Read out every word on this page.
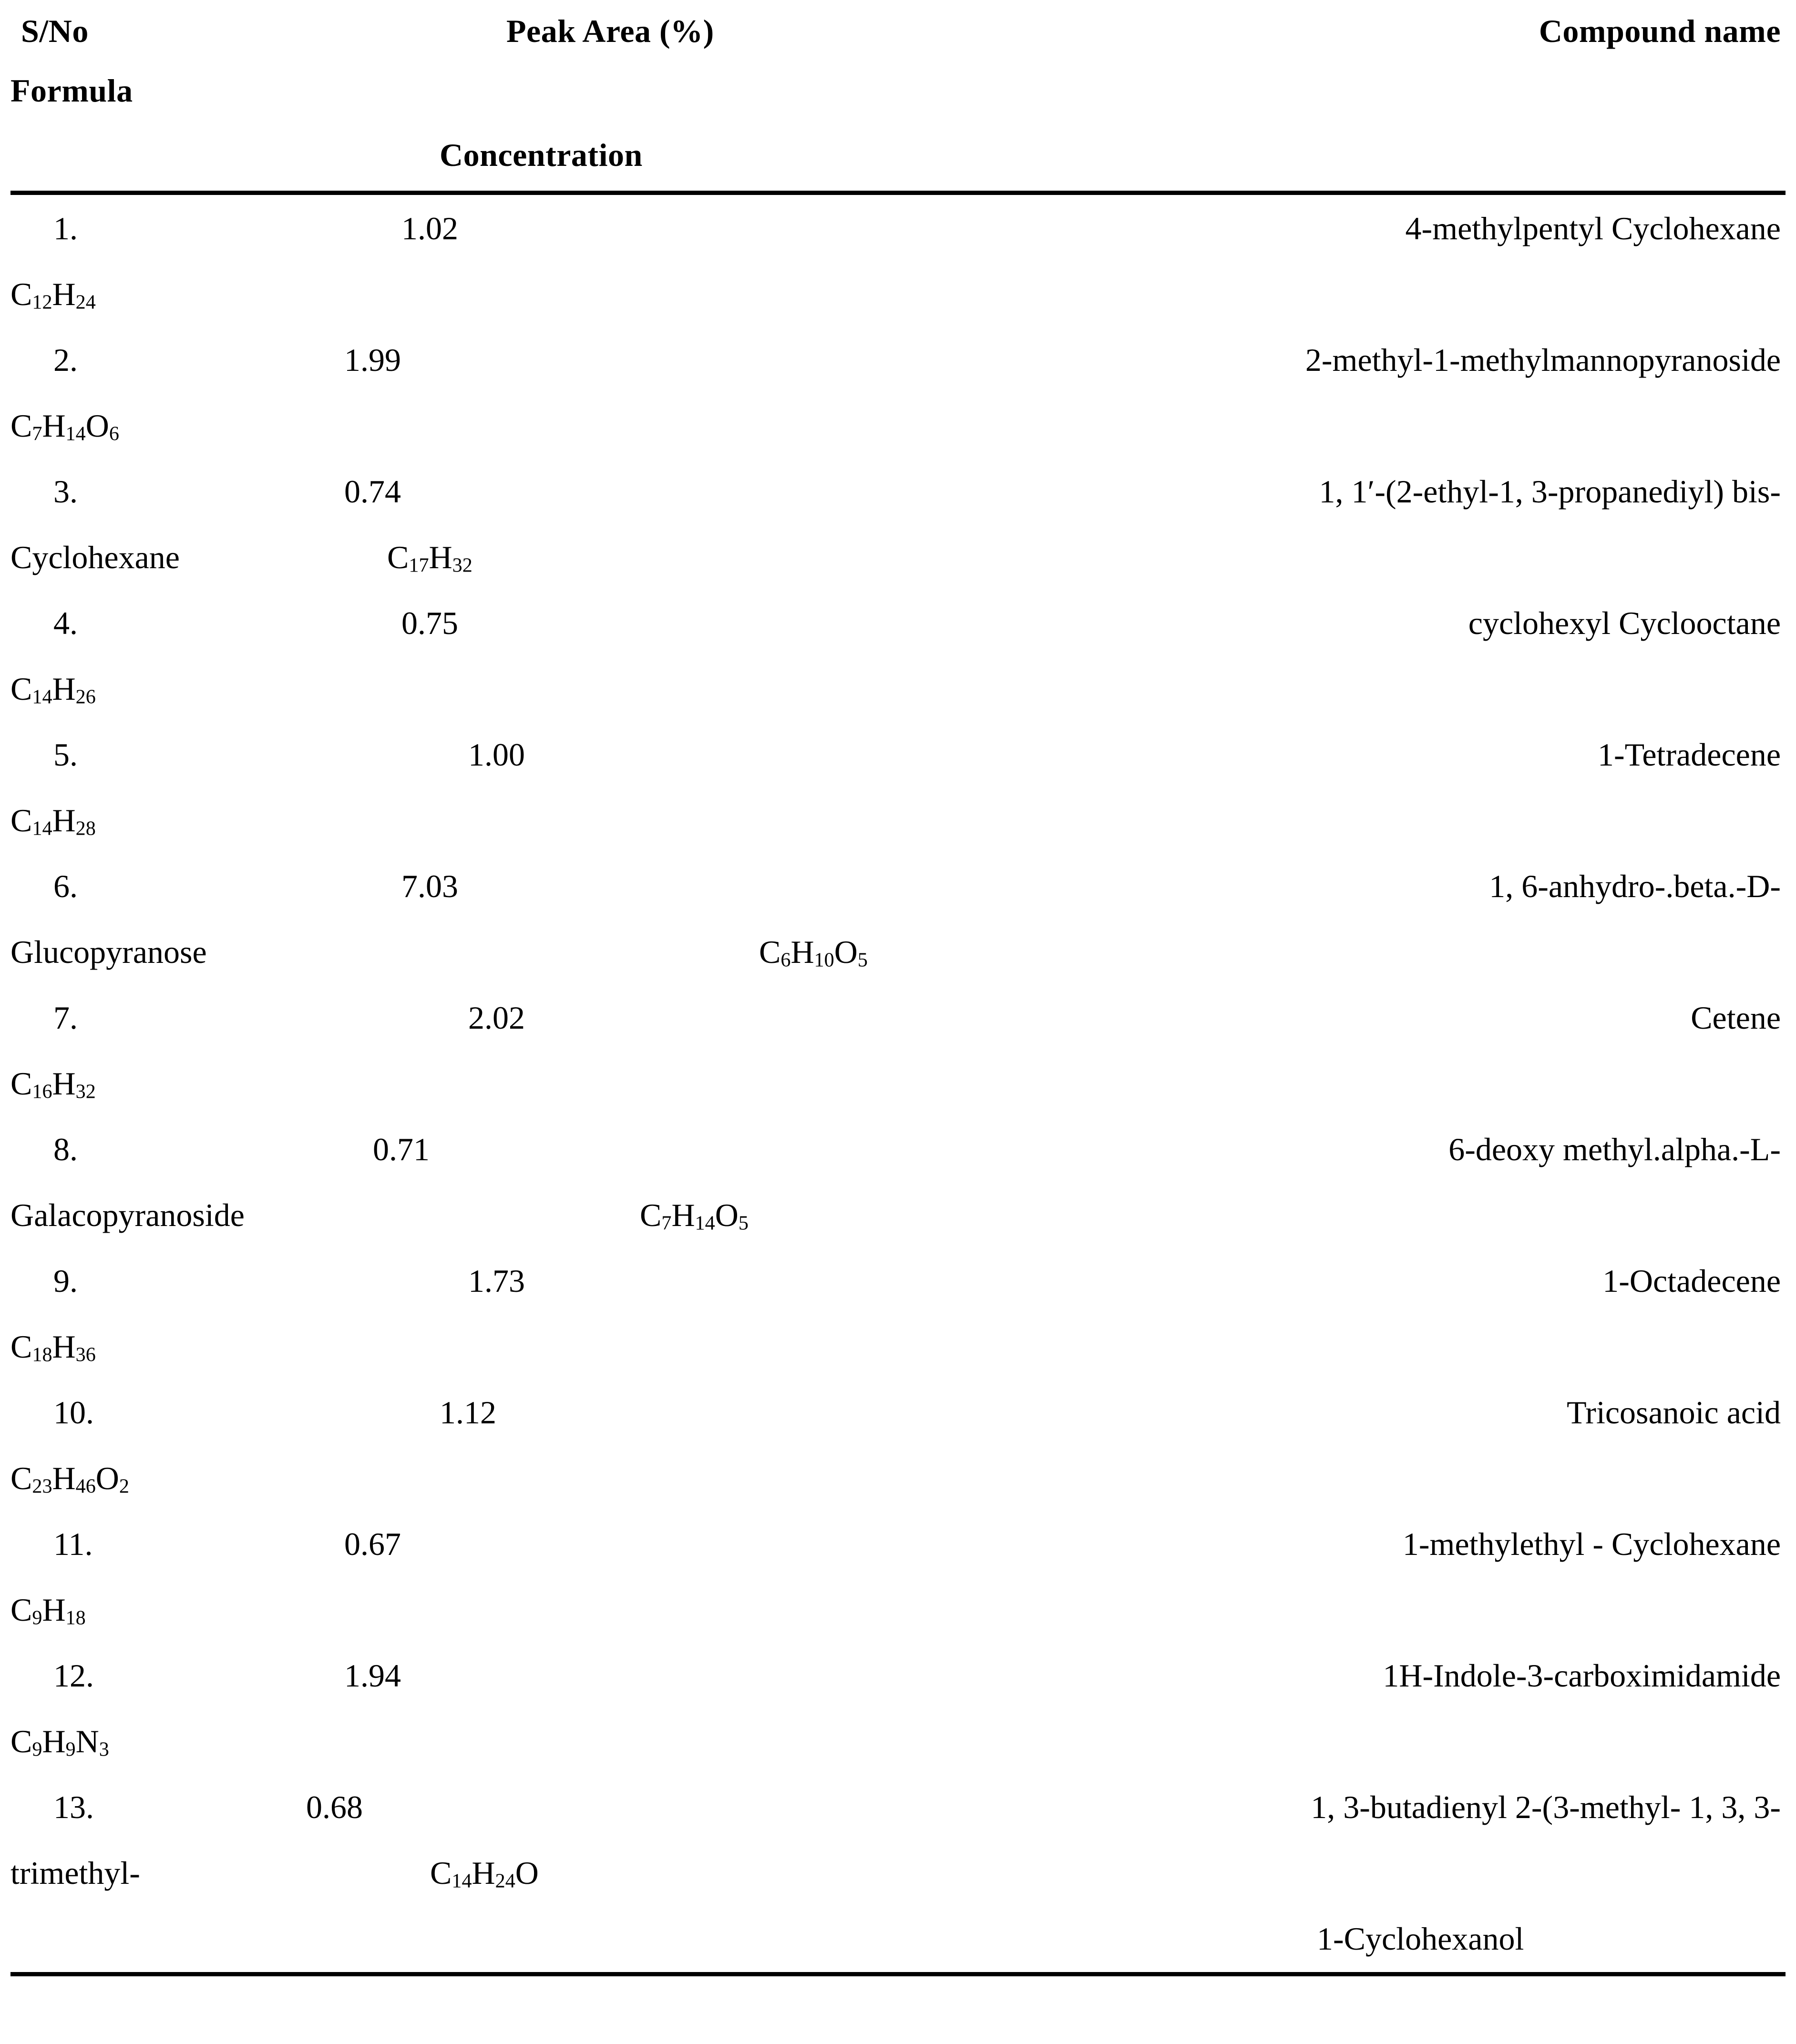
S/No	Peak Area (%)	Compound name
Formula
Concentration
1.	1.02	4-methylpentyl Cyclohexane
$C_{12}H_{24}$
2.	1.99	2-methyl-1-methylmannopyranoside
$C_7H_{14}O_6$
3.	0.74	1, 1′-(2-ethyl-1, 3-propanediyl) bis-
Cyclohexane	$C_{17}H_{32}$
4.	0.75	cyclohexyl Cyclooctane
$C_{14}H_{26}$
5.	1.00	1-Tetradecene
$C_{14}H_{28}$
6.	7.03	1, 6-anhydro-.beta.-D-
Glucopyranose	$C_6H_{10}O_5$
7.	2.02	Cetene
$C_{16}H_{32}$
8.	0.71	6-deoxy methyl.alpha.-L-
Galacopyranoside	$C_7H_{14}O_5$
9.	1.73	1-Octadecene
$C_{18}H_{36}$
10.	1.12	Tricosanoic acid
$C_{23}H_{46}O_2$
11.	0.67	1-methylethyl - Cyclohexane
$C_9H_{18}$
12.	1.94	1H-Indole-3-carboximidamide
$C_9H_9N_3$
13.	0.68	1, 3-butadienyl 2-(3-methyl- 1, 3, 3-
trimethyl-	$C_{14}H_{24}O$
1-Cyclohexanol
